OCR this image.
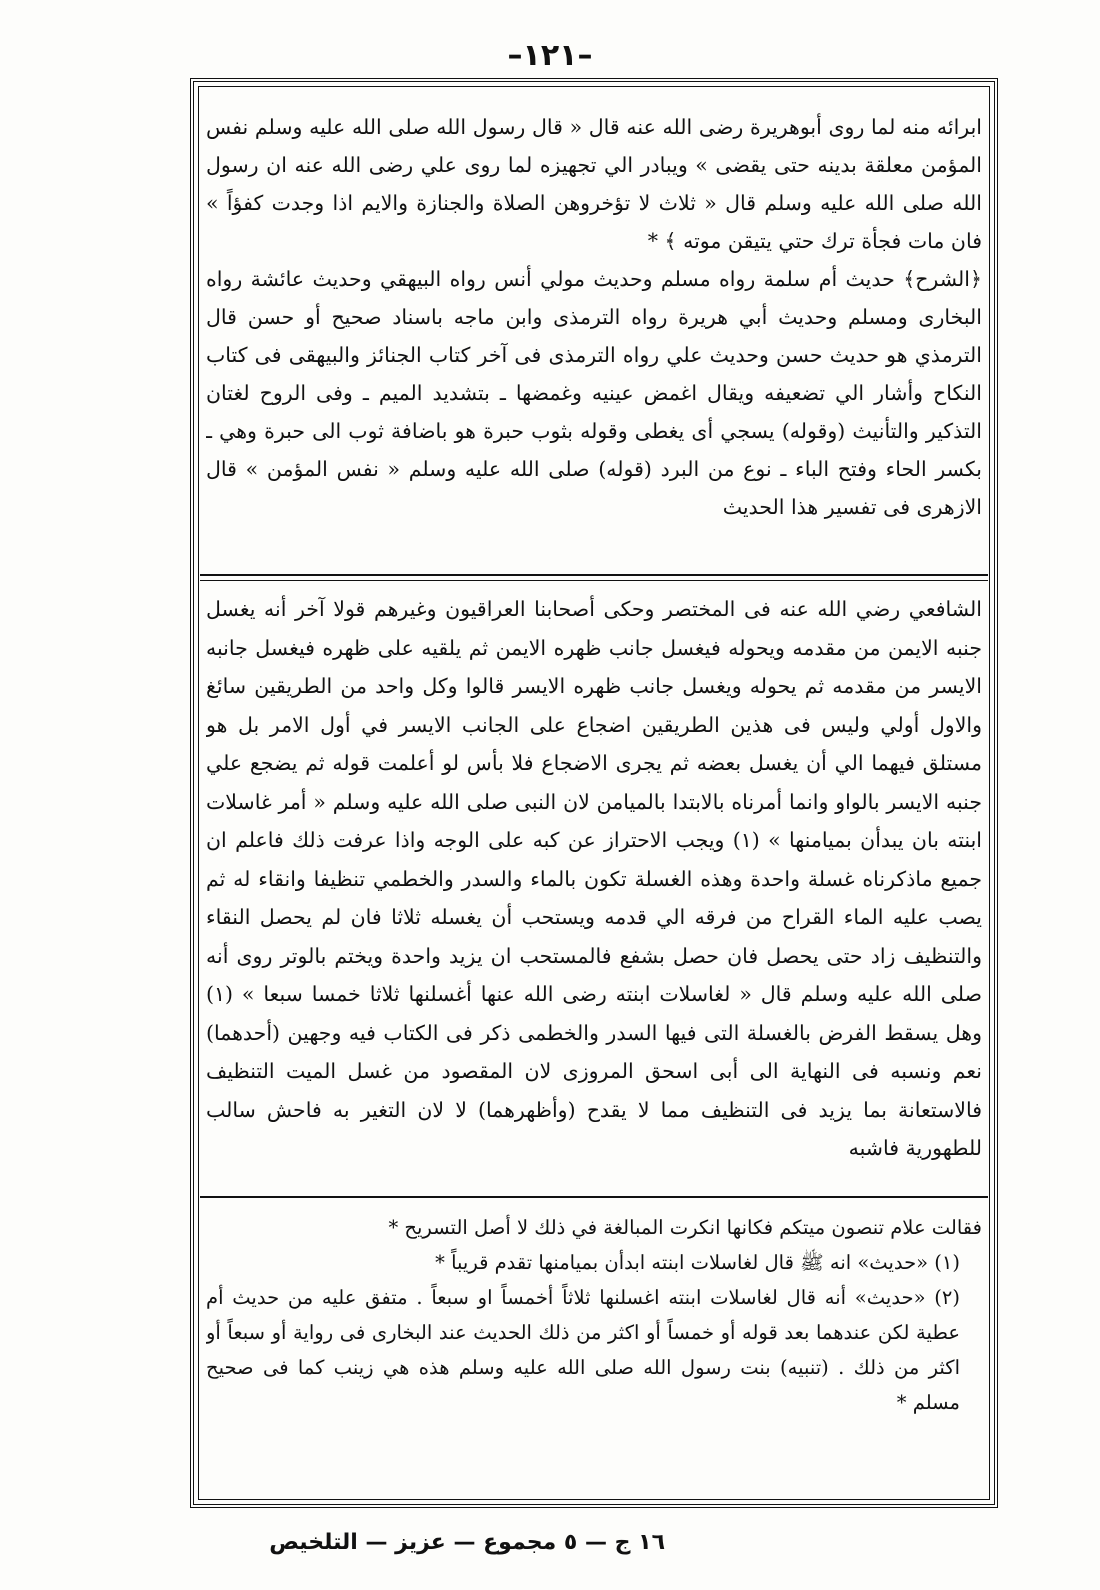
–١٢١–

ابرائه منه لما روى أبوهريرة رضى الله عنه قال « قال رسول الله صلى الله عليه وسلم نفس المؤمن معلقة بدينه حتى يقضى » ويبادر الي تجهيزه لما روى علي رضى الله عنه ان رسول الله صلى الله عليه وسلم قال « ثلاث لا تؤخروهن الصلاة والجنازة والايم اذا وجدت كفؤاً » فان مات فجأة ترك حتي يتيقن موته ﴾ *

﴿الشرح﴾ حديث أم سلمة رواه مسلم وحديث مولي أنس رواه البيهقي وحديث عائشة رواه البخارى ومسلم وحديث أبي هريرة رواه الترمذى وابن ماجه باسناد صحيح أو حسن قال الترمذي هو حديث حسن وحديث علي رواه الترمذى فى آخر كتاب الجنائز والبيهقى فى كتاب النكاح وأشار الي تضعيفه ويقال اغمض عينيه وغمضها ـ بتشديد الميم ـ وفى الروح لغتان التذكير والتأنيث (وقوله) يسجي أى يغطى وقوله بثوب حبرة هو باضافة ثوب الى حبرة وهي ـ بكسر الحاء وفتح الباء ـ نوع من البرد (قوله) صلى الله عليه وسلم « نفس المؤمن » قال الازهرى فى تفسير هذا الحديث

الشافعي رضي الله عنه فى المختصر وحكى أصحابنا العراقيون وغيرهم قولا آخر أنه يغسل جنبه الايمن من مقدمه ويحوله فيغسل جانب ظهره الايمن ثم يلقيه على ظهره فيغسل جانبه الايسر من مقدمه ثم يحوله ويغسل جانب ظهره الايسر قالوا وكل واحد من الطريقين سائغ والاول أولي وليس فى هذين الطريقين اضجاع على الجانب الايسر في أول الامر بل هو مستلق فيهما الي أن يغسل بعضه ثم يجرى الاضجاع فلا بأس لو أعلمت قوله ثم يضجع علي جنبه الايسر بالواو وانما أمرناه بالابتدا بالميامن لان النبى صلى الله عليه وسلم « أمر غاسلات ابنته بان يبدأن بميامنها » (١) ويجب الاحتراز عن كبه على الوجه واذا عرفت ذلك فاعلم ان جميع ماذكرناه غسلة واحدة وهذه الغسلة تكون بالماء والسدر والخطمي تنظيفا وانقاء له ثم يصب عليه الماء القراح من فرقه الي قدمه ويستحب أن يغسله ثلاثا فان لم يحصل النقاء والتنظيف زاد حتى يحصل فان حصل بشفع فالمستحب ان يزيد واحدة ويختم بالوتر روى أنه صلى الله عليه وسلم قال « لغاسلات ابنته رضى الله عنها أغسلنها ثلاثا خمسا سبعا » (١) وهل يسقط الفرض بالغسلة التى فيها السدر والخطمى ذكر فى الكتاب فيه وجهين (أحدهما) نعم ونسبه فى النهاية الى أبى اسحق المروزى لان المقصود من غسل الميت التنظيف فالاستعانة بما يزيد فى التنظيف مما لا يقدح (وأظهرهما) لا لان التغير به فاحش سالب للطهورية فاشبه

فقالت علام تنصون ميتكم فكانها انكرت المبالغة في ذلك لا أصل التسريح *
(١) «حديث» انه ﷺ قال لغاسلات ابنته ابدأن بميامنها تقدم قريباً *
(٢) «حديث» أنه قال لغاسلات ابنته اغسلنها ثلاثاً أخمساً او سبعاً . متفق عليه من حديث أم عطية لكن عندهما بعد قوله أو خمساً أو اكثر من ذلك الحديث عند البخارى فى رواية أو سبعاً أو اكثر من ذلك . (تنبيه) بنت رسول الله صلى الله عليه وسلم هذه هي زينب كما فى صحيح مسلم *
١٦ ج — ٥ مجموع — عزيز — التلخيص
